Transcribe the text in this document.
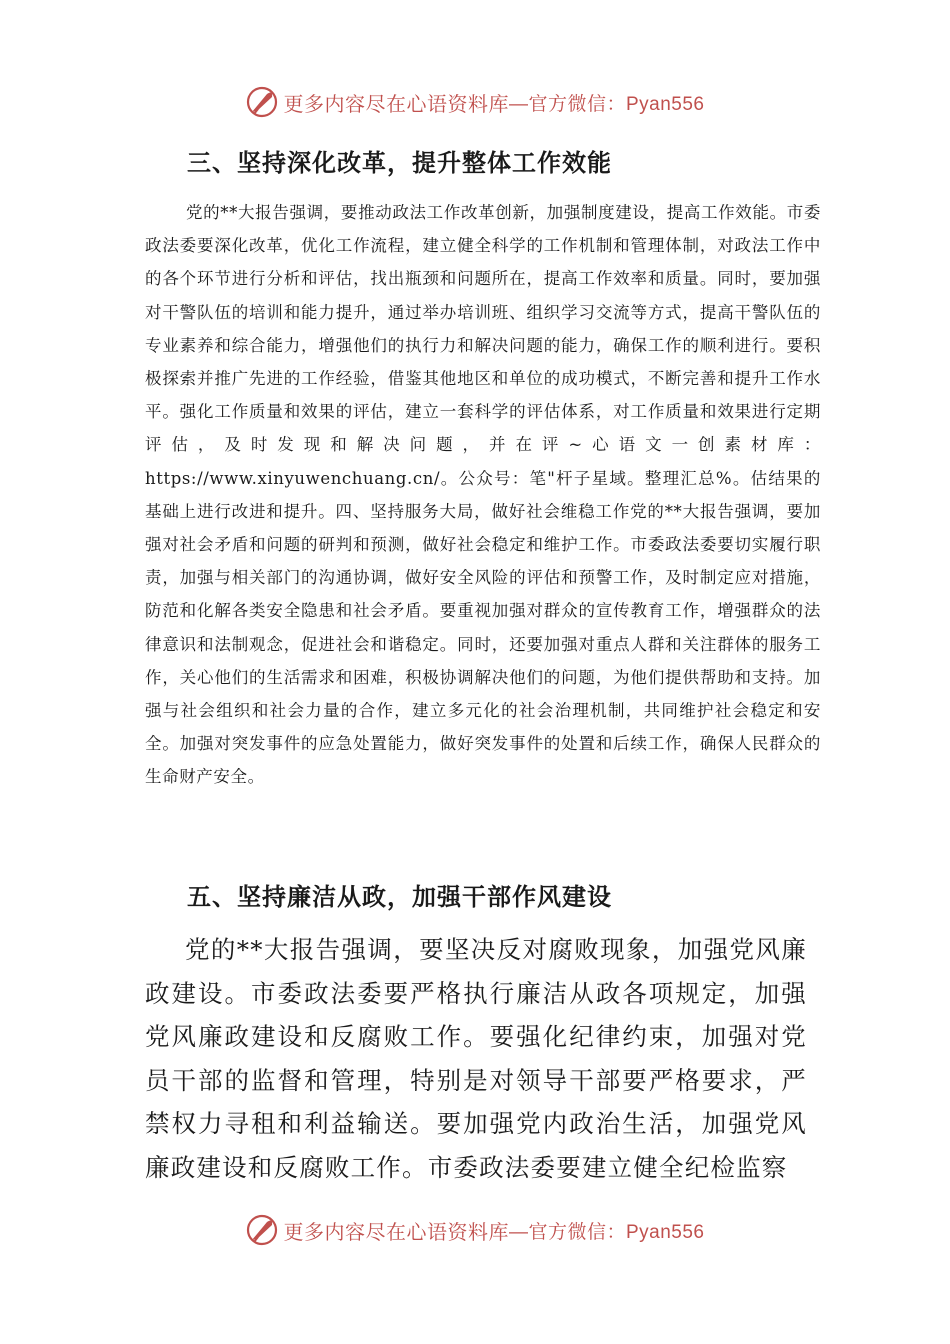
更多内容尽在心语资料库 —官方微信：Pyan556
三、坚持深化改革，提升整体工作效能

党的**大报告强调，要推动政法工作改革创新，加强制度建设，提高工作效能。市委政法委要深化改革，优化工作流程，建立健全科学的工作机制和管理体制，对政法工作中的各个环节进行分析和评估，找出瓶颈和问题所在，提高工作效率和质量。同时，要加强对干警队伍的培训和能力提升，通过举办培训班、组织学习交流等方式，提高干警队伍的专业素养和综合能力，增强他们的执行力和解决问题的能力，确保工作的顺利进行。要积极探索并推广先进的工作经验，借鉴其他地区和单位的成功模式，不断完善和提升工作水平。强化工作质量和效果的评估，建立一套科学的评估体系，对工作质量和效果进行定期评估，及时发现和解决问题，并在评~心语文一创素材库：https://www.xinyuwenchuang.cn/。公众号：笔"杆子星域。整理汇总%。估结果的基础上进行改进和提升。四、坚持服务大局，做好社会维稳工作党的**大报告强调，要加强对社会矛盾和问题的研判和预测，做好社会稳定和维护工作。市委政法委要切实履行职责，加强与相关部门的沟通协调，做好安全风险的评估和预警工作，及时制定应对措施，防范和化解各类安全隐患和社会矛盾。要重视加强对群众的宣传教育工作，增强群众的法律意识和法制观念，促进社会和谐稳定。同时，还要加强对重点人群和关注群体的服务工作，关心他们的生活需求和困难，积极协调解决他们的问题，为他们提供帮助和支持。加强与社会组织和社会力量的合作，建立多元化的社会治理机制，共同维护社会稳定和安全。加强对突发事件的应急处置能力，做好突发事件的处置和后续工作，确保人民群众的生命财产安全。

五、坚持廉洁从政，加强干部作风建设

党的**大报告强调，要坚决反对腐败现象，加强党风廉政建设。市委政法委要严格执行廉洁从政各项规定，加强党风廉政建设和反腐败工作。要强化纪律约束，加强对党员干部的监督和管理，特别是对领导干部要严格要求，严禁权力寻租和利益输送。要加强党内政治生活，加强党风廉政建设和反腐败工作。市委政法委要建立健全纪检监察

更多内容尽在心语资料库 —官方微信：Pyan556
